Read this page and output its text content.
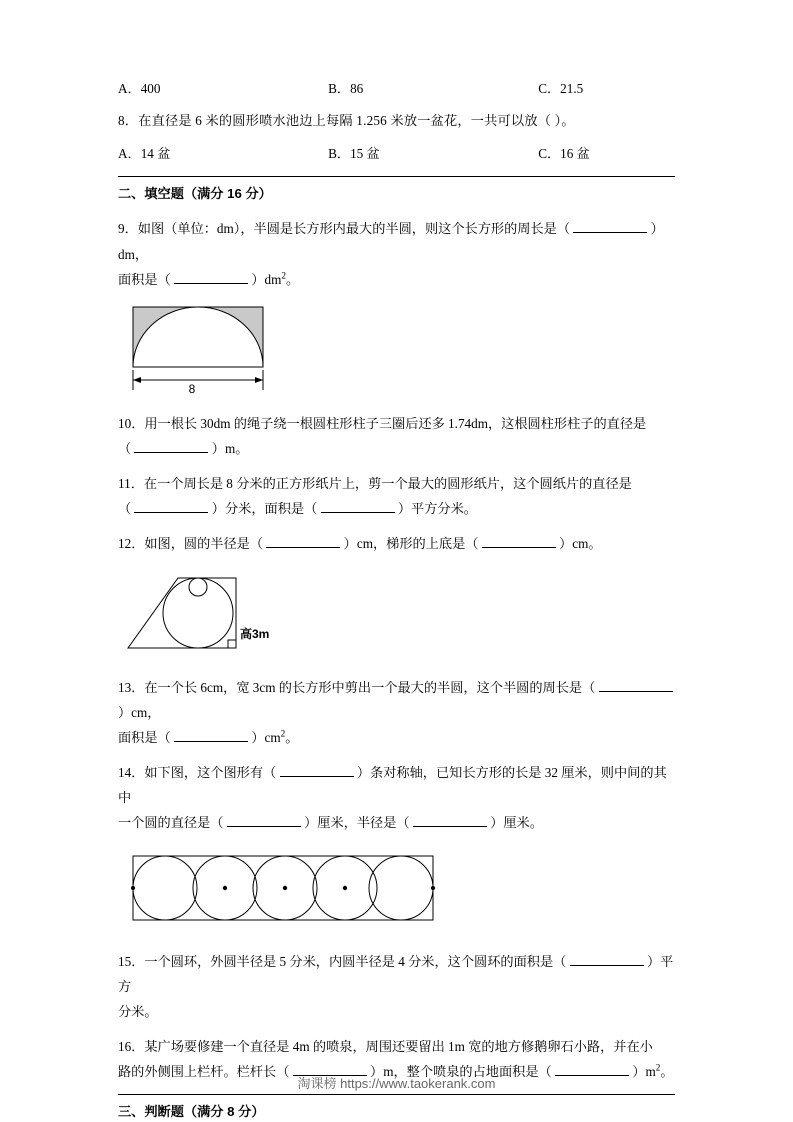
A．400	B．86	C．21.5
8．在直径是 6 米的圆形喷水池边上每隔 1.256 米放一盆花，一共可以放（ ）。
A．14 盆	B．15 盆	C．16 盆
二、填空题（满分 16 分）
9．如图（单位：dm），半圆是长方形内最大的半圆，则这个长方形的周长是（	）dm，
面积是（	）$dm^2$。
8
10．用一根长 30dm 的绳子绕一根圆柱形柱子三圈后还多 1.74dm，这根圆柱形柱子的直径是
（	）m。
11．在一个周长是 8 分米的正方形纸片上，剪一个最大的圆形纸片，这个圆纸片的直径是
（	）分米，面积是（	）平方分米。
12．如图，圆的半径是（	）cm，梯形的上底是（	）cm。
高3m
13．在一个长 6cm，宽 3cm 的长方形中剪出一个最大的半圆，这个半圆的周长是（  ）cm，
面积是（	）$cm^2$。
14．如下图，这个图形有（	）条对称轴，已知长方形的长是 32 厘米，则中间的其中
一个圆的直径是（	）厘米，半径是（	）厘米。
15．一个圆环，外圆半径是 5 分米，内圆半径是 4 分米，这个圆环的面积是（	）平方
分米。
16．某广场要修建一个直径是 4m 的喷泉，周围还要留出 1m 宽的地方修鹅卵石小路，并在小
路的外侧围上栏杆。栏杆长（	）m，整个喷泉的占地面积是（	）$m^2$。
三、判断题（满分 8 分）
淘课榜 https://www.taokerank.com
